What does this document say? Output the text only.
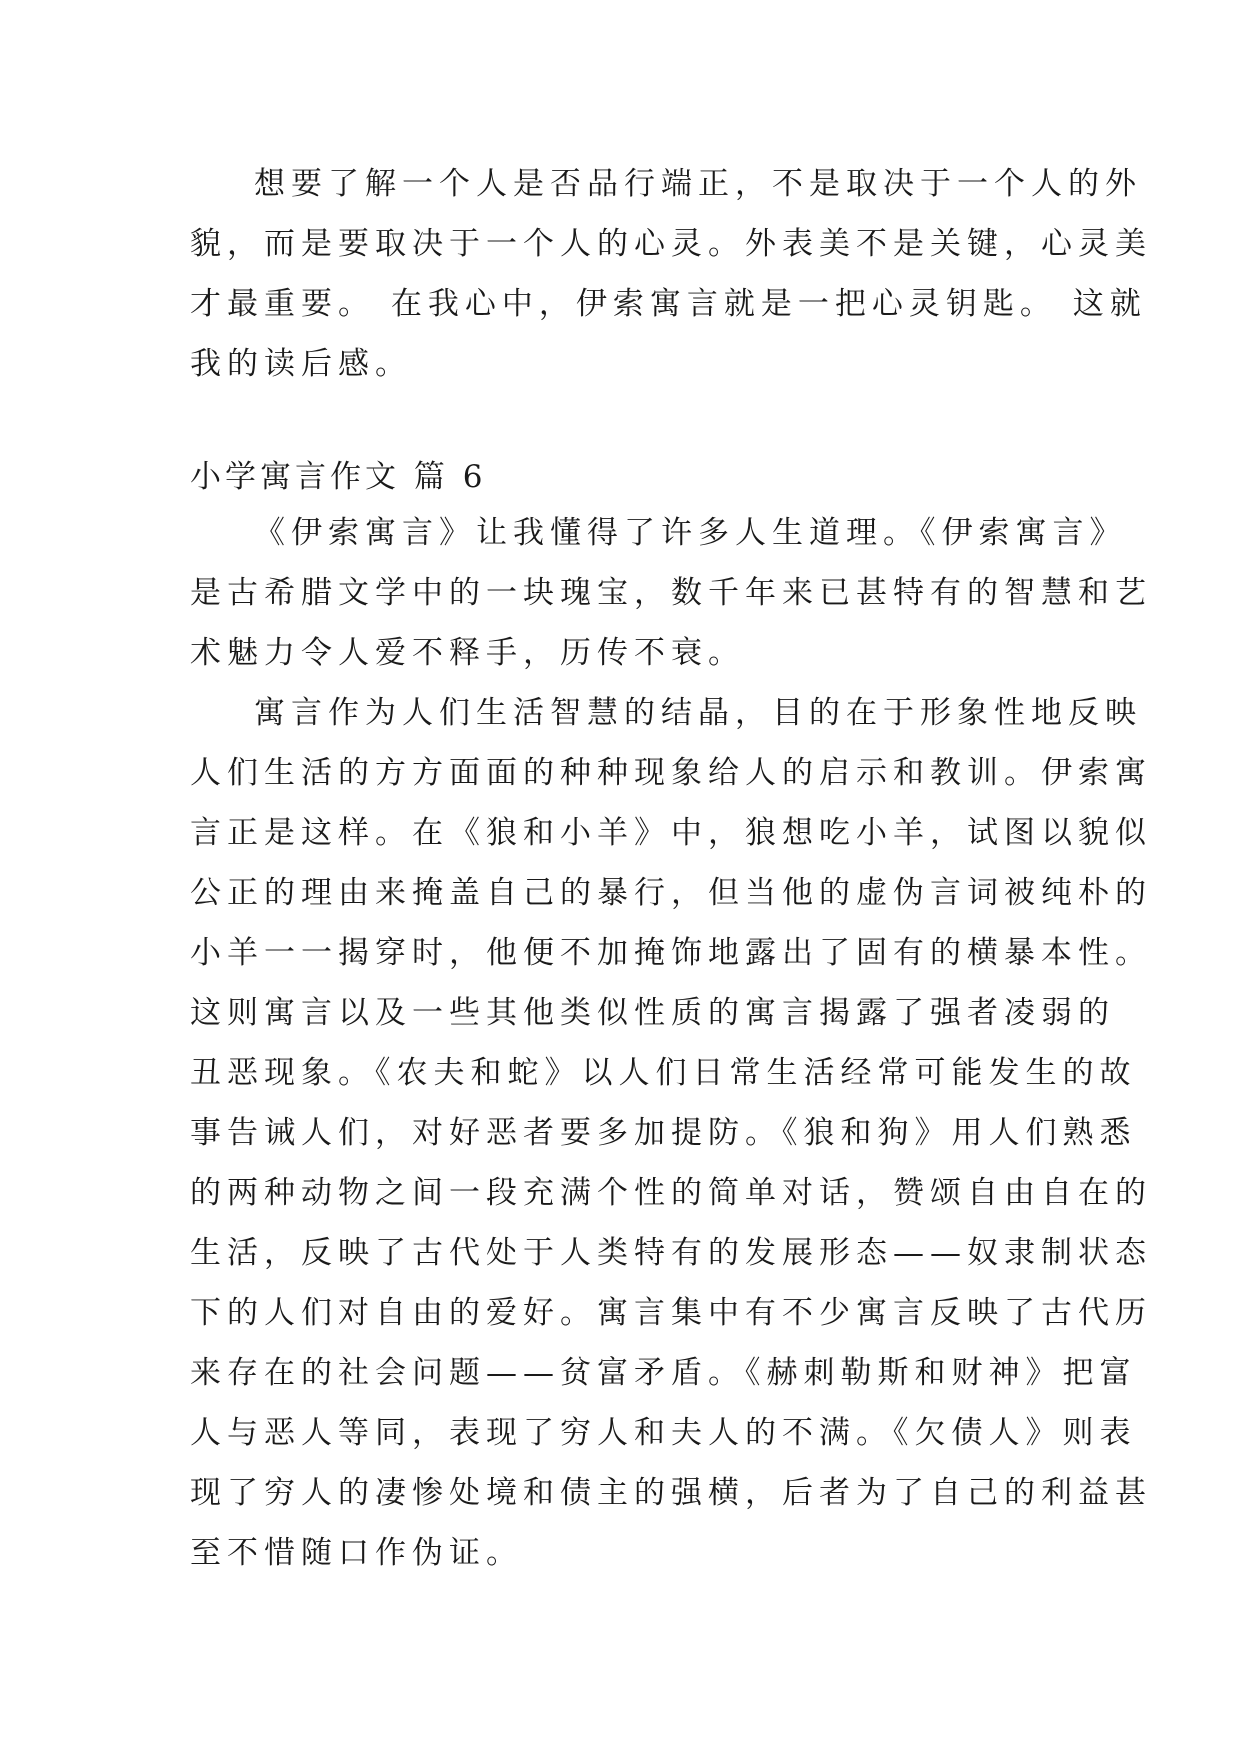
想要了解一个人是否品行端正，不是取决于一个人的外
貌，而是要取决于一个人的心灵。外表美不是关键，心灵美
才最重要。 在我心中，伊索寓言就是一把心灵钥匙。 这就
我的读后感。
小学寓言作文 篇 6
《伊索寓言》让我懂得了许多人生道理。《伊索寓言》
是古希腊文学中的一块瑰宝，数千年来已甚特有的智慧和艺
术魅力令人爱不释手，历传不衰。
寓言作为人们生活智慧的结晶，目的在于形象性地反映
人们生活的方方面面的种种现象给人的启示和教训。伊索寓
言正是这样。在《狼和小羊》中，狼想吃小羊，试图以貌似
公正的理由来掩盖自己的暴行，但当他的虚伪言词被纯朴的
小羊一一揭穿时，他便不加掩饰地露出了固有的横暴本性。
这则寓言以及一些其他类似性质的寓言揭露了强者凌弱的
丑恶现象。《农夫和蛇》以人们日常生活经常可能发生的故
事告诫人们，对好恶者要多加提防。《狼和狗》用人们熟悉
的两种动物之间一段充满个性的简单对话，赞颂自由自在的
生活，反映了古代处于人类特有的发展形态——奴隶制状态
下的人们对自由的爱好。寓言集中有不少寓言反映了古代历
来存在的社会问题——贫富矛盾。《赫刺勒斯和财神》把富
人与恶人等同，表现了穷人和夫人的不满。《欠债人》则表
现了穷人的凄惨处境和债主的强横，后者为了自己的利益甚
至不惜随口作伪证。
